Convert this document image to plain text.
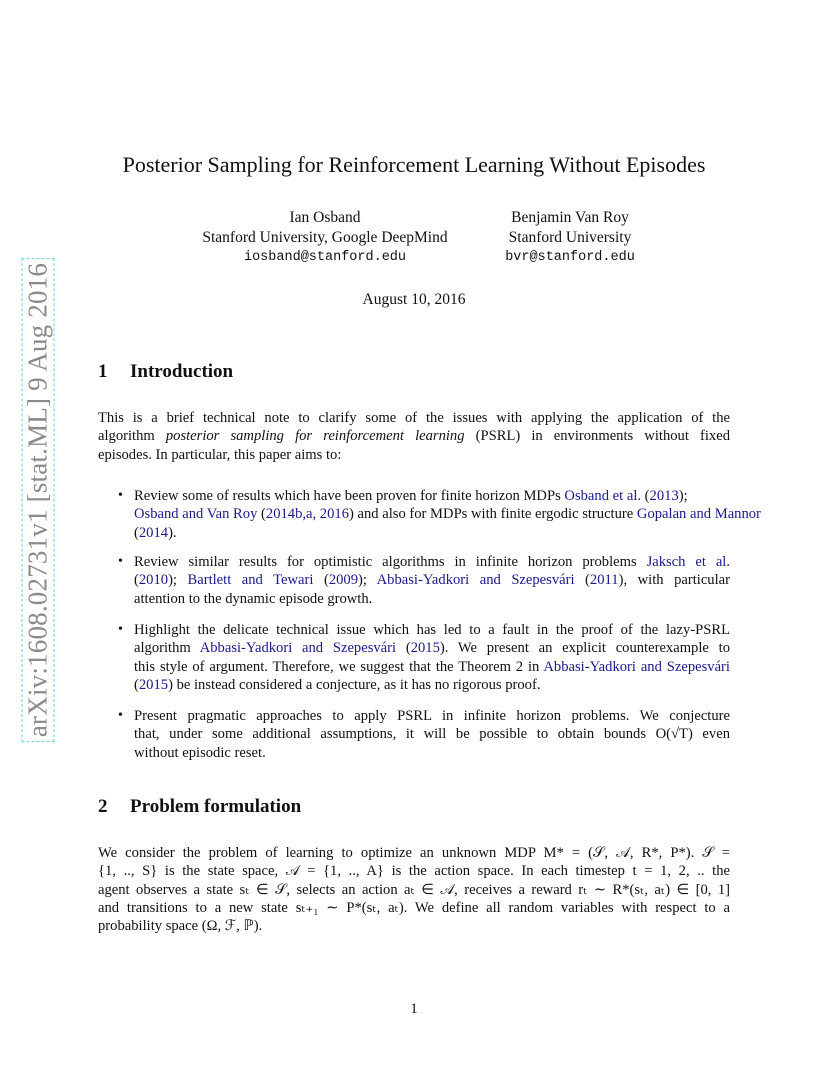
arXiv:1608.02731v1 [stat.ML] 9 Aug 2016
Posterior Sampling for Reinforcement Learning Without Episodes
Ian Osband
Stanford University, Google DeepMind
iosband@stanford.edu
Benjamin Van Roy
Stanford University
bvr@stanford.edu
August 10, 2016
1 Introduction
This is a brief technical note to clarify some of the issues with applying the application of the
algorithm posterior sampling for reinforcement learning (PSRL) in environments without fixed
episodes. In particular, this paper aims to:
• Review some of results which have been proven for finite horizon MDPs Osband et al. (2013);
Osband and Van Roy (2014b,a, 2016) and also for MDPs with finite ergodic structure Gopalan and Mannor
(2014).
• Review similar results for optimistic algorithms in infinite horizon problems Jaksch et al.
(2010); Bartlett and Tewari (2009); Abbasi-Yadkori and Szepesvári (2011), with particular
attention to the dynamic episode growth.
• Highlight the delicate technical issue which has led to a fault in the proof of the lazy-PSRL
algorithm Abbasi-Yadkori and Szepesvári (2015). We present an explicit counterexample to
this style of argument. Therefore, we suggest that the Theorem 2 in Abbasi-Yadkori and Szepesvári
(2015) be instead considered a conjecture, as it has no rigorous proof.
• Present pragmatic approaches to apply PSRL in infinite horizon problems. We conjecture
that, under some additional assumptions, it will be possible to obtain bounds O(√T) even
without episodic reset.
2 Problem formulation
We consider the problem of learning to optimize an unknown MDP M* = (𝒮, 𝒜, R*, P*). 𝒮 =
{1, .., S} is the state space, 𝒜 = {1, .., A} is the action space. In each timestep t = 1, 2, .. the
agent observes a state sₜ ∈ 𝒮, selects an action aₜ ∈ 𝒜, receives a reward rₜ ∼ R*(sₜ, aₜ) ∈ [0, 1]
and transitions to a new state sₜ₊₁ ∼ P*(sₜ, aₜ). We define all random variables with respect to a
probability space (Ω, ℱ, ℙ).
1
